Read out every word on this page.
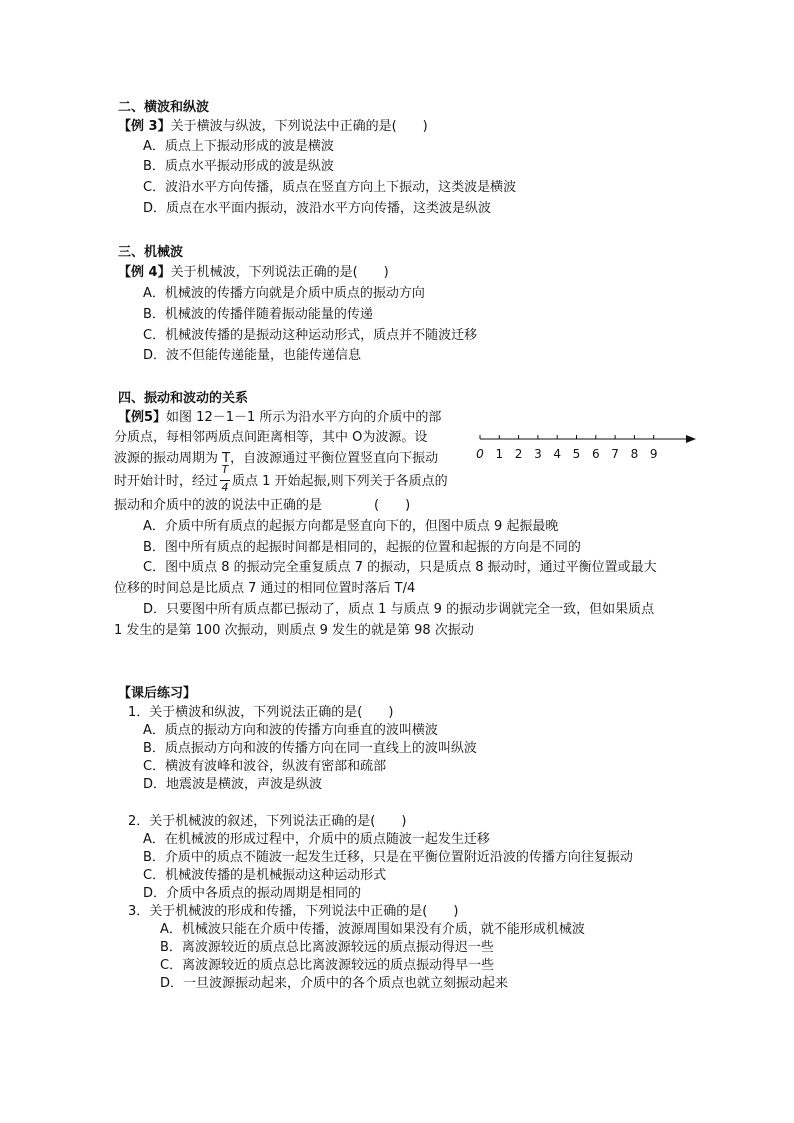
二、横波和纵波
【例 3】关于横波与纵波，下列说法中正确的是(　　)
A．质点上下振动形成的波是横波
B．质点水平振动形成的波是纵波
C．波沿水平方向传播，质点在竖直方向上下振动，这类波是横波
D．质点在水平面内振动，波沿水平方向传播，这类波是纵波
三、机械波
【例 4】关于机械波，下列说法正确的是(　　)
A．机械波的传播方向就是介质中质点的振动方向
B．机械波的传播伴随着振动能量的传递
C．机械波传播的是振动这种运动形式，质点并不随波迁移
D．波不但能传递能量，也能传递信息
四、振动和波动的关系
【例5】如图 12－1－1 所示为沿水平方向的介质中的部
分质点，每相邻两质点间距离相等，其中 O为波源。设
波源的振动周期为 T，自波源通过平衡位置竖直向下振动
时开始计时，经过 $\frac{T}{4}$ 质点 1 开始起振,则下列关于各质点的
振动和介质中的波的说法中正确的是　　　　(　　)
0 1 2 3 4 5 6 7 8 9
A．介质中所有质点的起振方向都是竖直向下的，但图中质点 9 起振最晚
B．图中所有质点的起振时间都是相同的，起振的位置和起振的方向是不同的
C．图中质点 8 的振动完全重复质点 7 的振动，只是质点 8 振动时，通过平衡位置或最大
位移的时间总是比质点 7 通过的相同位置时落后 T/4
D．只要图中所有质点都已振动了，质点 1 与质点 9 的振动步调就完全一致，但如果质点
1 发生的是第 100 次振动，则质点 9 发生的就是第 98 次振动
【课后练习】
1．关于横波和纵波，下列说法正确的是(　　)
A．质点的振动方向和波的传播方向垂直的波叫横波
B．质点振动方向和波的传播方向在同一直线上的波叫纵波
C．横波有波峰和波谷，纵波有密部和疏部
D．地震波是横波，声波是纵波
2．关于机械波的叙述，下列说法正确的是(　　)
A．在机械波的形成过程中，介质中的质点随波一起发生迁移
B．介质中的质点不随波一起发生迁移，只是在平衡位置附近沿波的传播方向往复振动
C．机械波传播的是机械振动这种运动形式
D．介质中各质点的振动周期是相同的
3．关于机械波的形成和传播，下列说法中正确的是(　　)
A．机械波只能在介质中传播，波源周围如果没有介质，就不能形成机械波
B．离波源较近的质点总比离波源较远的质点振动得迟一些
C．离波源较近的质点总比离波源较远的质点振动得早一些
D．一旦波源振动起来，介质中的各个质点也就立刻振动起来
